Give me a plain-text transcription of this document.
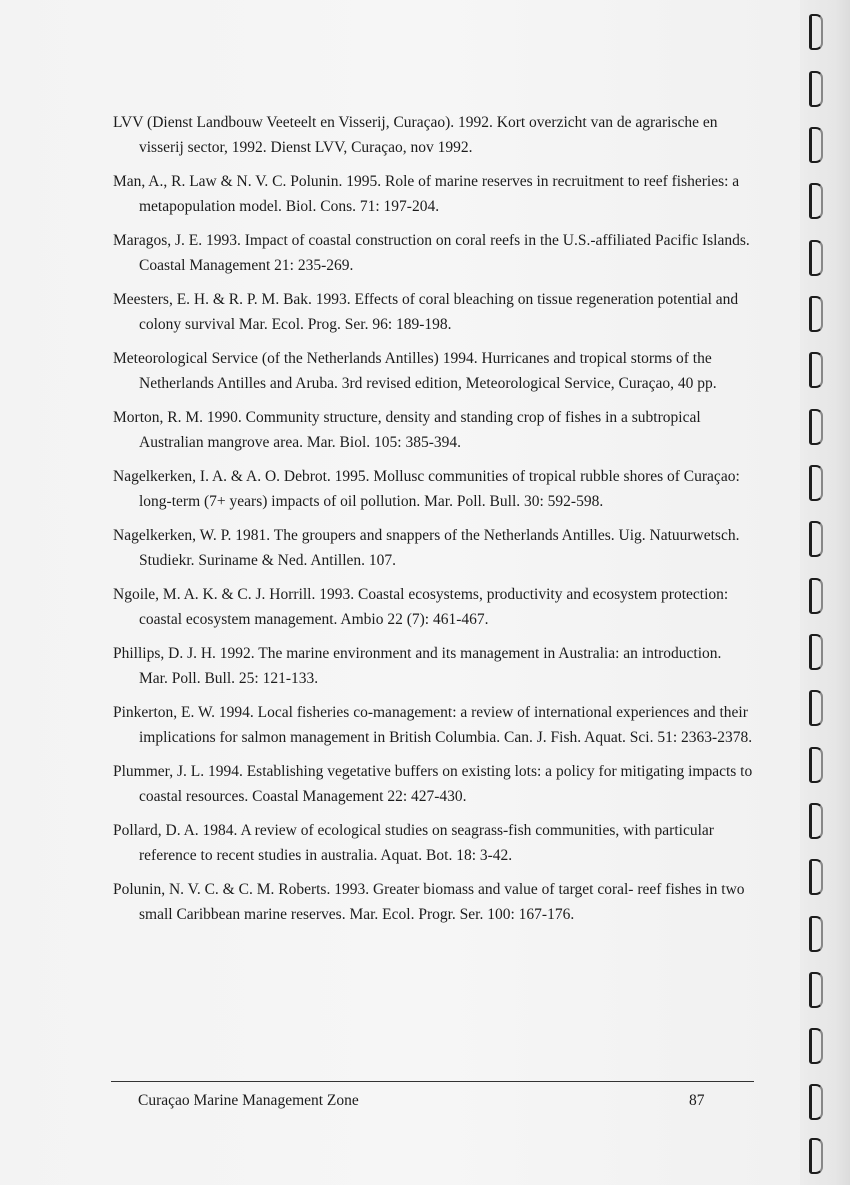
LVV (Dienst Landbouw Veeteelt en Visserij, Curaçao). 1992. Kort overzicht van de agrarische en visserij sector, 1992. Dienst LVV, Curaçao, nov 1992.

Man, A., R. Law & N. V. C. Polunin. 1995. Role of marine reserves in recruitment to reef fisheries: a metapopulation model. Biol. Cons. 71: 197-204.

Maragos, J. E. 1993. Impact of coastal construction on coral reefs in the U.S.-affiliated Pacific Islands. Coastal Management 21: 235-269.

Meesters, E. H. & R. P. M. Bak. 1993. Effects of coral bleaching on tissue regeneration potential and colony survival Mar. Ecol. Prog. Ser. 96: 189-198.

Meteorological Service (of the Netherlands Antilles) 1994. Hurricanes and tropical storms of the Netherlands Antilles and Aruba. 3rd revised edition, Meteorological Service, Curaçao, 40 pp.

Morton, R. M. 1990. Community structure, density and standing crop of fishes in a subtropical Australian mangrove area. Mar. Biol. 105: 385-394.

Nagelkerken, I. A. & A. O. Debrot. 1995. Mollusc communities of tropical rubble shores of Curaçao: long-term (7+ years) impacts of oil pollution. Mar. Poll. Bull. 30: 592-598.

Nagelkerken, W. P. 1981. The groupers and snappers of the Netherlands Antilles. Uig. Natuurwetsch. Studiekr. Suriname & Ned. Antillen. 107.

Ngoile, M. A. K. & C. J. Horrill. 1993. Coastal ecosystems, productivity and ecosystem protection: coastal ecosystem management. Ambio 22 (7): 461-467.

Phillips, D. J. H. 1992. The marine environment and its management in Australia: an introduction. Mar. Poll. Bull. 25: 121-133.

Pinkerton, E. W. 1994. Local fisheries co-management: a review of international experiences and their implications for salmon management in British Columbia. Can. J. Fish. Aquat. Sci. 51: 2363-2378.

Plummer, J. L. 1994. Establishing vegetative buffers on existing lots: a policy for mitigating impacts to coastal resources. Coastal Management 22: 427-430.

Pollard, D. A. 1984. A review of ecological studies on seagrass-fish communities, with particular reference to recent studies in australia. Aquat. Bot. 18: 3-42.

Polunin, N. V. C. & C. M. Roberts. 1993. Greater biomass and value of target coral- reef fishes in two small Caribbean marine reserves. Mar. Ecol. Progr. Ser. 100: 167-176.

Curaçao Marine Management Zone	87
